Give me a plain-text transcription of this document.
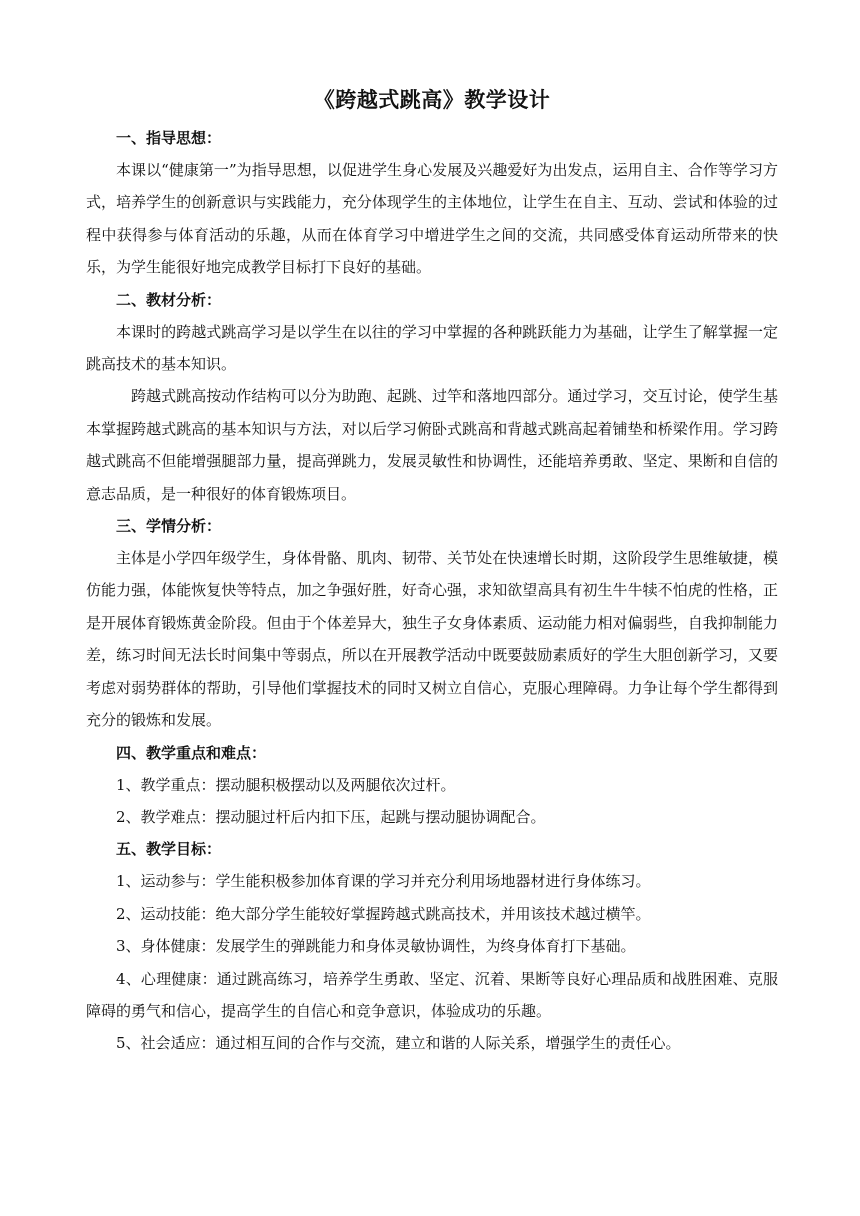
《跨越式跳高》教学设计
一、指导思想：

本课以“健康第一”为指导思想，以促进学生身心发展及兴趣爱好为出发点，运用自主、合作等学习方式，培养学生的创新意识与实践能力，充分体现学生的主体地位，让学生在自主、互动、尝试和体验的过程中获得参与体育活动的乐趣，从而在体育学习中增进学生之间的交流，共同感受体育运动所带来的快乐，为学生能很好地完成教学目标打下良好的基础。

二、教材分析：

本课时的跨越式跳高学习是以学生在以往的学习中掌握的各种跳跃能力为基础，让学生了解掌握一定跳高技术的基本知识。

跨越式跳高按动作结构可以分为助跑、起跳、过竿和落地四部分。通过学习，交互讨论，使学生基本掌握跨越式跳高的基本知识与方法，对以后学习俯卧式跳高和背越式跳高起着铺垫和桥梁作用。学习跨越式跳高不但能增强腿部力量，提高弹跳力，发展灵敏性和协调性，还能培养勇敢、坚定、果断和自信的意志品质，是一种很好的体育锻炼项目。

三、学情分析：

主体是小学四年级学生，身体骨骼、肌肉、韧带、关节处在快速增长时期，这阶段学生思维敏捷，模仿能力强，体能恢复快等特点，加之争强好胜，好奇心强，求知欲望高具有初生牛牛犊不怕虎的性格，正是开展体育锻炼黄金阶段。但由于个体差异大，独生子女身体素质、运动能力相对偏弱些，自我抑制能力差，练习时间无法长时间集中等弱点，所以在开展教学活动中既要鼓励素质好的学生大胆创新学习，又要考虑对弱势群体的帮助，引导他们掌握技术的同时又树立自信心，克服心理障碍。力争让每个学生都得到充分的锻炼和发展。

四、教学重点和难点：

1、教学重点：摆动腿积极摆动以及两腿依次过杆。

2、教学难点：摆动腿过杆后内扣下压，起跳与摆动腿协调配合。

五、教学目标：

1、运动参与：学生能积极参加体育课的学习并充分利用场地器材进行身体练习。

2、运动技能：绝大部分学生能较好掌握跨越式跳高技术，并用该技术越过横竿。

3、身体健康：发展学生的弹跳能力和身体灵敏协调性，为终身体育打下基础。

4、心理健康：通过跳高练习，培养学生勇敢、坚定、沉着、果断等良好心理品质和战胜困难、克服障碍的勇气和信心，提高学生的自信心和竞争意识，体验成功的乐趣。

5、社会适应：通过相互间的合作与交流，建立和谐的人际关系，增强学生的责任心。
